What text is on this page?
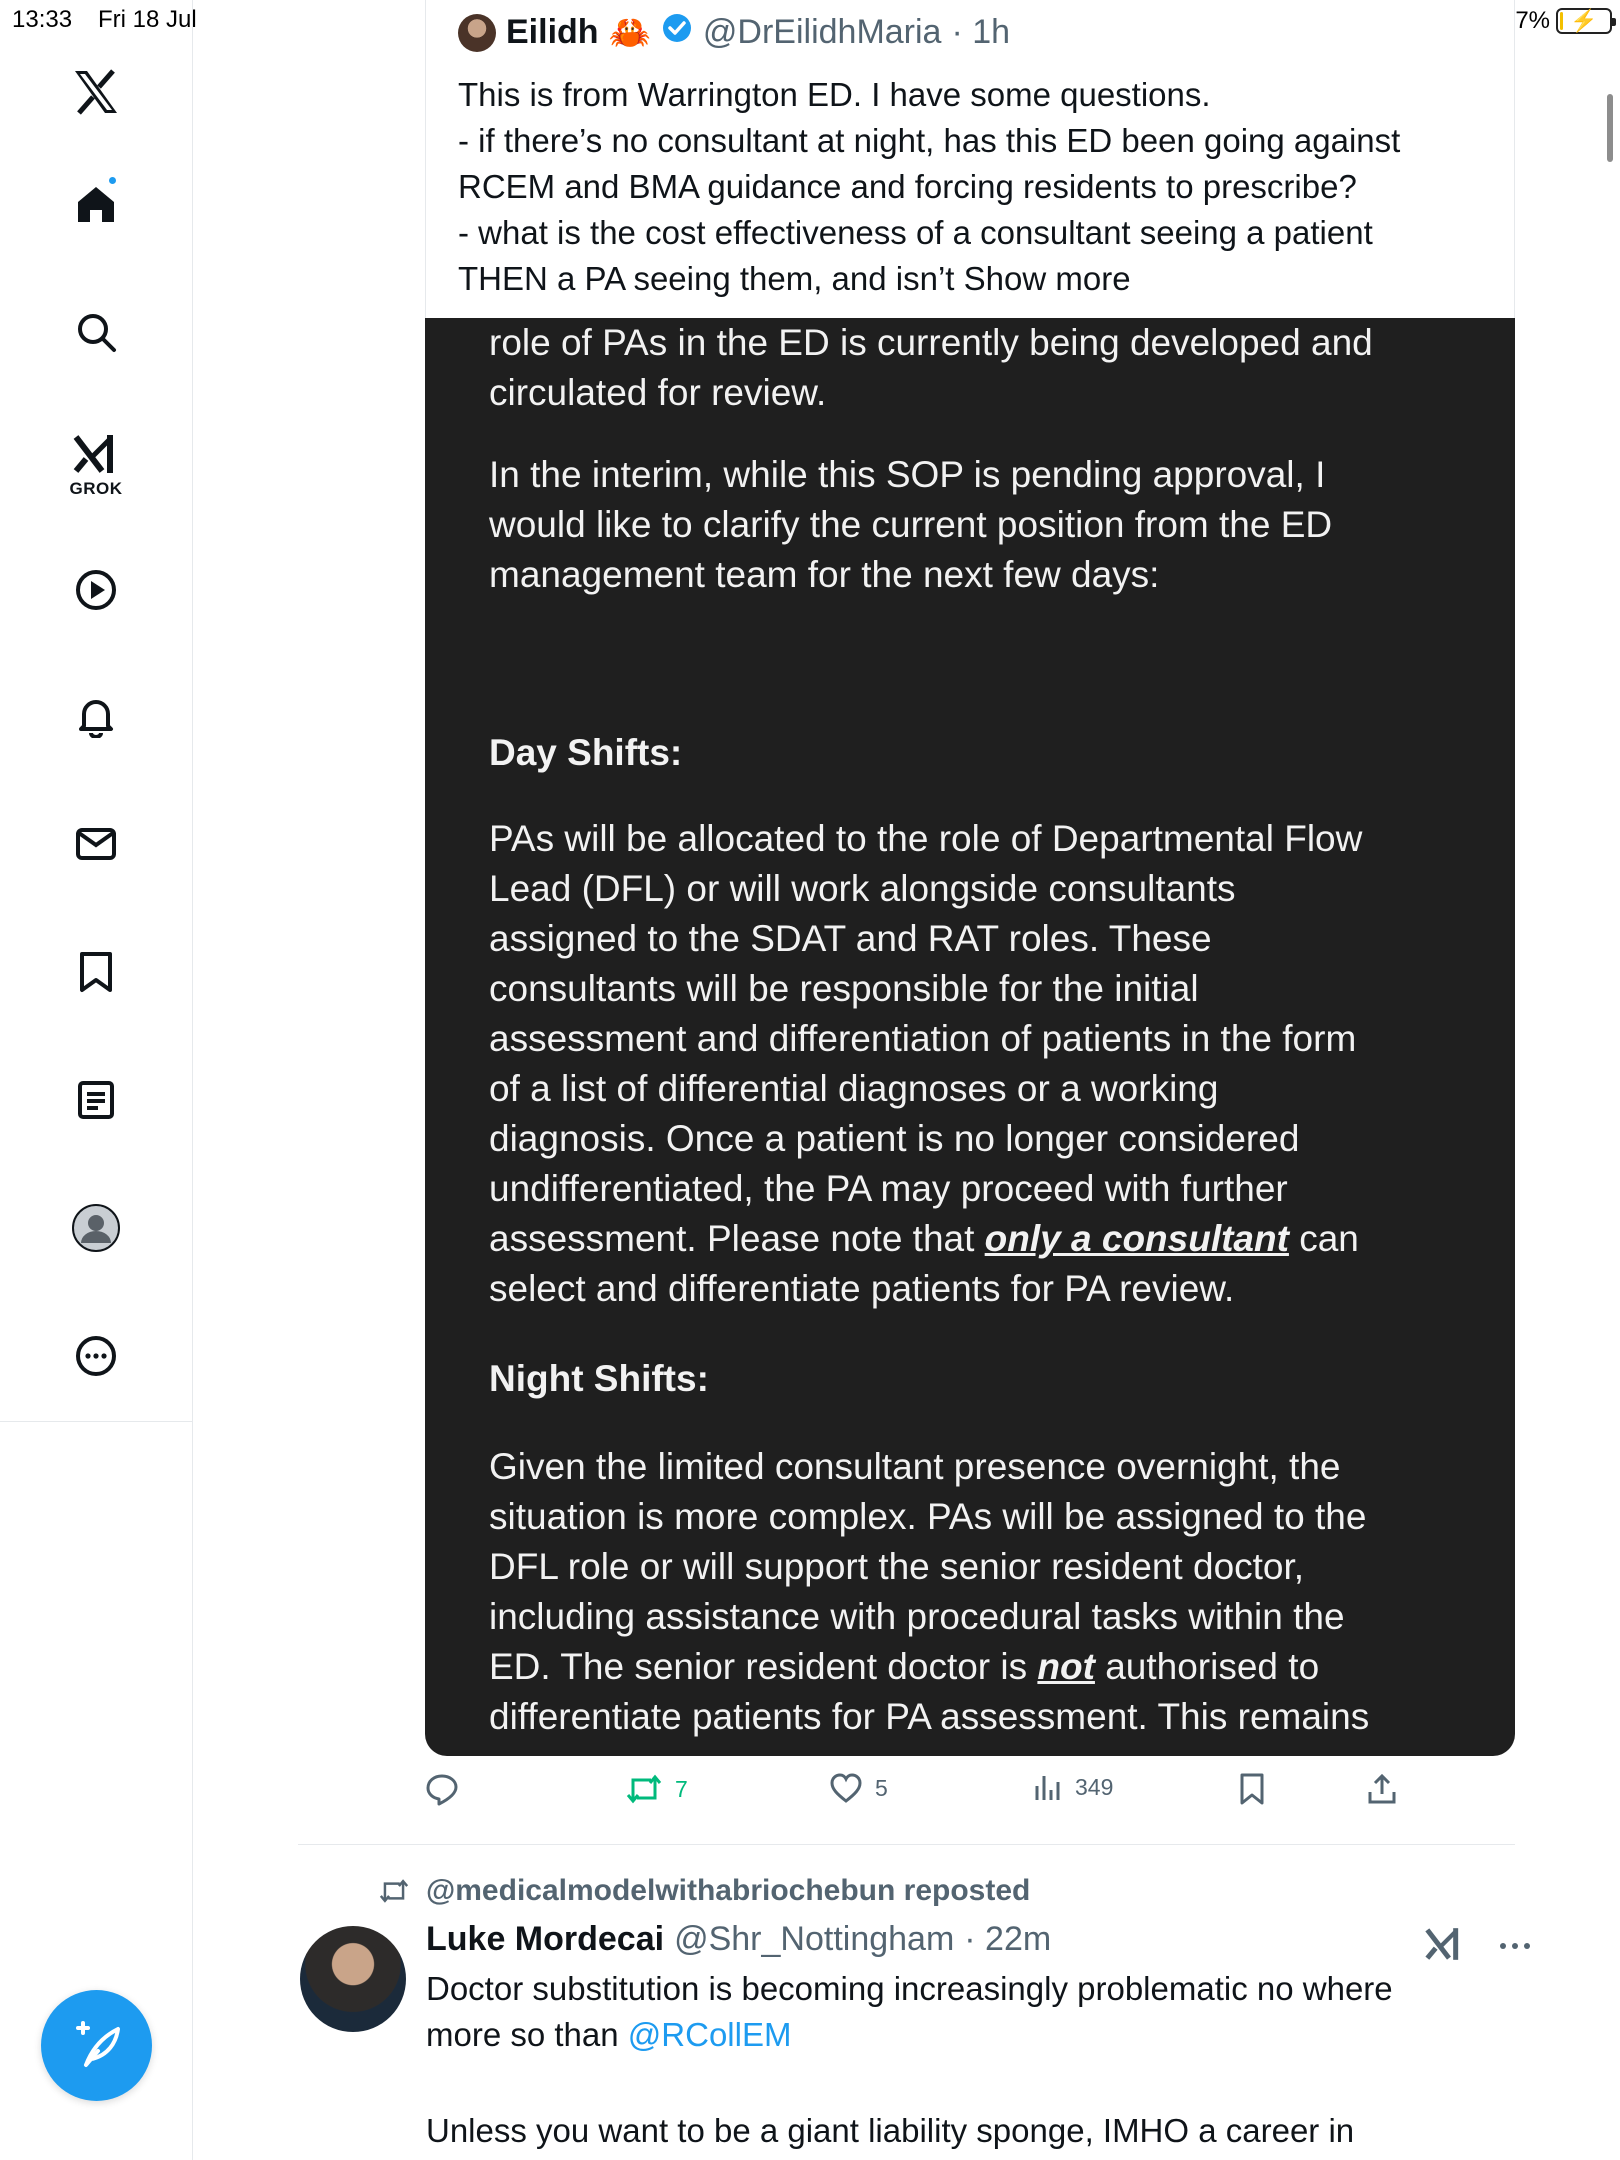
13:33 Fri 18 Jul	7% ⚡
GROK
Eilidh 🦀 @DrEilidhMaria · 1h
This is from Warrington ED. I have some questions.
- if there’s no consultant at night, has this ED been going against
RCEM and BMA guidance and forcing residents to prescribe?
- what is the cost effectiveness of a consultant seeing a patient
THEN a PA seeing them, and isn’t Show more
role of PAs in the ED is currently being developed and
circulated for review.
In the interim, while this SOP is pending approval, I
would like to clarify the current position from the ED
management team for the next few days:
Day Shifts:
PAs will be allocated to the role of Departmental Flow
Lead (DFL) or will work alongside consultants
assigned to the SDAT and RAT roles. These
consultants will be responsible for the initial
assessment and differentiation of patients in the form
of a list of differential diagnoses or a working
diagnosis. Once a patient is no longer considered
undifferentiated, the PA may proceed with further
assessment. Please note that only a consultant can
select and differentiate patients for PA review.
Night Shifts:
Given the limited consultant presence overnight, the
situation is more complex. PAs will be assigned to the
DFL role or will support the senior resident doctor,
including assistance with procedural tasks within the
ED. The senior resident doctor is not authorised to
differentiate patients for PA assessment. This remains
7	5	349
@medicalmodelwithabriochebun reposted
Luke Mordecai @Shr_Nottingham · 22m
Doctor substitution is becoming increasingly problematic no where
more so than @RCollEM
Unless you want to be a giant liability sponge, IMHO a career in
